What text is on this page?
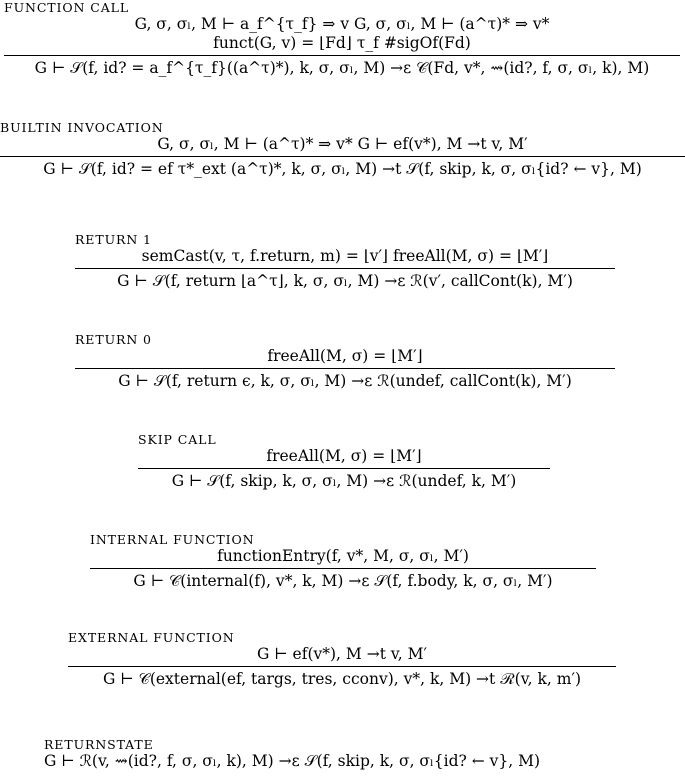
FUNCTION CALL
G, σ, σₗ, M ⊢ a_f^{τ_f} ⇒ v G, σ, σₗ, M ⊢ (a^τ)* ⇒ v*
funct(G, v) = ⌊Fd⌋ τ_f #sigOf(Fd)
G ⊢ 𝒮(f, id? = a_f^{τ_f}((a^τ)*), k, σ, σₗ, M) →ε 𝒞(Fd, v*, ⇝(id?, f, σ, σₗ, k), M)
BUILTIN INVOCATION
G, σ, σₗ, M ⊢ (a^τ)* ⇒ v* G ⊢ ef(v*), M →t v, M′
G ⊢ 𝒮(f, id? = ef τ*_ext (a^τ)*, k, σ, σₗ, M) →t 𝒮(f, skip, k, σ, σₗ{id? ← v}, M)
RETURN 1
semCast(v, τ, f.return, m) = ⌊v′⌋ freeAll(M, σ) = ⌊M′⌋
G ⊢ 𝒮(f, return ⌊a^τ⌋, k, σ, σₗ, M) →ε ℛ(v′, callCont(k), M′)
RETURN 0
freeAll(M, σ) = ⌊M′⌋
G ⊢ 𝒮(f, return ϵ, k, σ, σₗ, M) →ε ℛ(undef, callCont(k), M′)
SKIP CALL
freeAll(M, σ) = ⌊M′⌋
G ⊢ 𝒮(f, skip, k, σ, σₗ, M) →ε ℛ(undef, k, M′)
INTERNAL FUNCTION
functionEntry(f, v*, M, σ, σₗ, M′)
G ⊢ 𝒞(internal(f), v*, k, M) →ε 𝒮(f, f.body, k, σ, σₗ, M′)
EXTERNAL FUNCTION
G ⊢ ef(v*), M →t v, M′
G ⊢ 𝒞(external(ef, targs, tres, cconv), v*, k, M) →t ℛ(v, k, m′)
RETURNSTATE
G ⊢ ℛ(v, ⇝(id?, f, σ, σₗ, k), M) →ε 𝒮(f, skip, k, σ, σₗ{id? ← v}, M)
